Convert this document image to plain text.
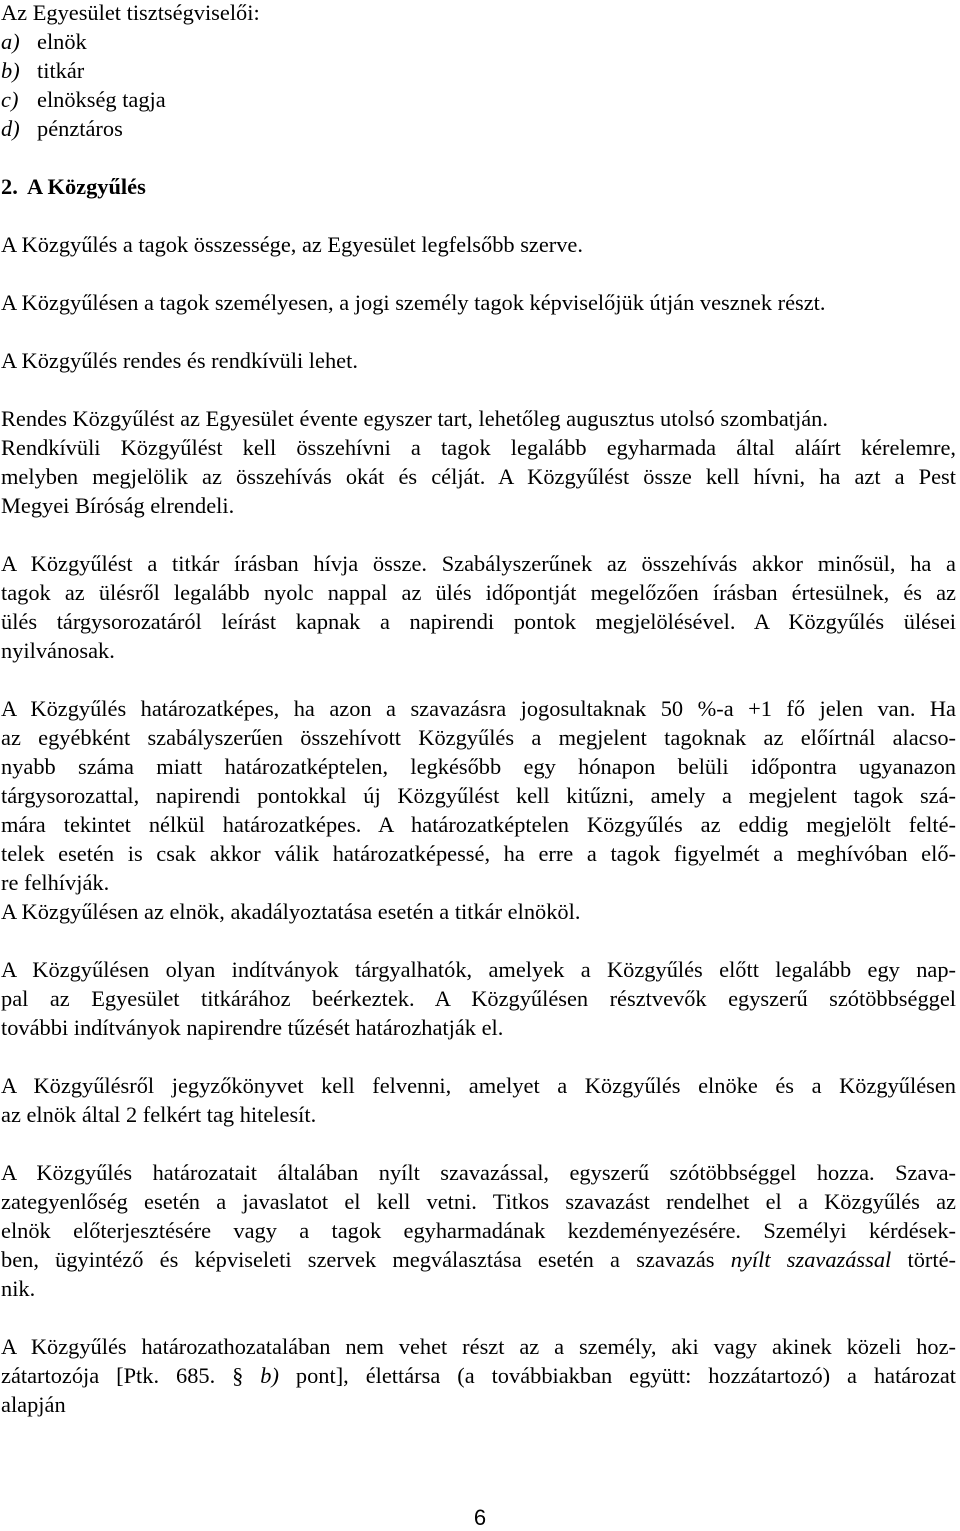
Az Egyesület tisztségviselői:

a) elnök

b) titkár

c) elnökség tagja

d) pénztáros

2. A Közgyűlés

A Közgyűlés a tagok összessége, az Egyesület legfelsőbb szerve.

A Közgyűlésen a tagok személyesen, a jogi személy tagok képviselőjük útján vesznek részt.

A Közgyűlés rendes és rendkívüli lehet.

Rendes Közgyűlést az Egyesület évente egyszer tart, lehetőleg augusztus utolsó szombatján.

Rendkívüli Közgyűlést kell összehívni a tagok legalább egyharmada által aláírt kérelemre,

melyben megjelölik az összehívás okát és célját. A Közgyűlést össze kell hívni, ha azt a Pest

Megyei Bíróság elrendeli.

A Közgyűlést a titkár írásban hívja össze. Szabályszerűnek az összehívás akkor minősül, ha a

tagok az ülésről legalább nyolc nappal az ülés időpontját megelőzően írásban értesülnek, és az

ülés tárgysorozatáról leírást kapnak a napirendi pontok megjelölésével. A Közgyűlés ülései

nyilvánosak.

A Közgyűlés határozatképes, ha azon a szavazásra jogosultaknak 50 %-a +1 fő jelen van. Ha

az egyébként szabályszerűen összehívott Közgyűlés a megjelent tagoknak az előírtnál alacso-

nyabb száma miatt határozatképtelen, legkésőbb egy hónapon belüli időpontra ugyanazon

tárgysorozattal, napirendi pontokkal új Közgyűlést kell kitűzni, amely a megjelent tagok szá-

mára tekintet nélkül határozatképes. A határozatképtelen Közgyűlés az eddig megjelölt felté-

telek esetén is csak akkor válik határozatképessé, ha erre a tagok figyelmét a meghívóban elő-

re felhívják.

A Közgyűlésen az elnök, akadályoztatása esetén a titkár elnököl.

A Közgyűlésen olyan indítványok tárgyalhatók, amelyek a Közgyűlés előtt legalább egy nap-

pal az Egyesület titkárához beérkeztek. A Közgyűlésen résztvevők egyszerű szótöbbséggel

további indítványok napirendre tűzését határozhatják el.

A Közgyűlésről jegyzőkönyvet kell felvenni, amelyet a Közgyűlés elnöke és a Közgyűlésen

az elnök által 2 felkért tag hitelesít.

A Közgyűlés határozatait általában nyílt szavazással, egyszerű szótöbbséggel hozza. Szava-

zategyenlőség esetén a javaslatot el kell vetni. Titkos szavazást rendelhet el a Közgyűlés az

elnök előterjesztésére vagy a tagok egyharmadának kezdeményezésére. Személyi kérdések-

ben, ügyintéző és képviseleti szervek megválasztása esetén a szavazás nyílt szavazással törté-

nik.

A Közgyűlés határozathozatalában nem vehet részt az a személy, aki vagy akinek közeli hoz-

zátartozója [Ptk. 685. § b) pont], élettársa (a továbbiakban együtt: hozzátartozó) a határozat

alapján

6
